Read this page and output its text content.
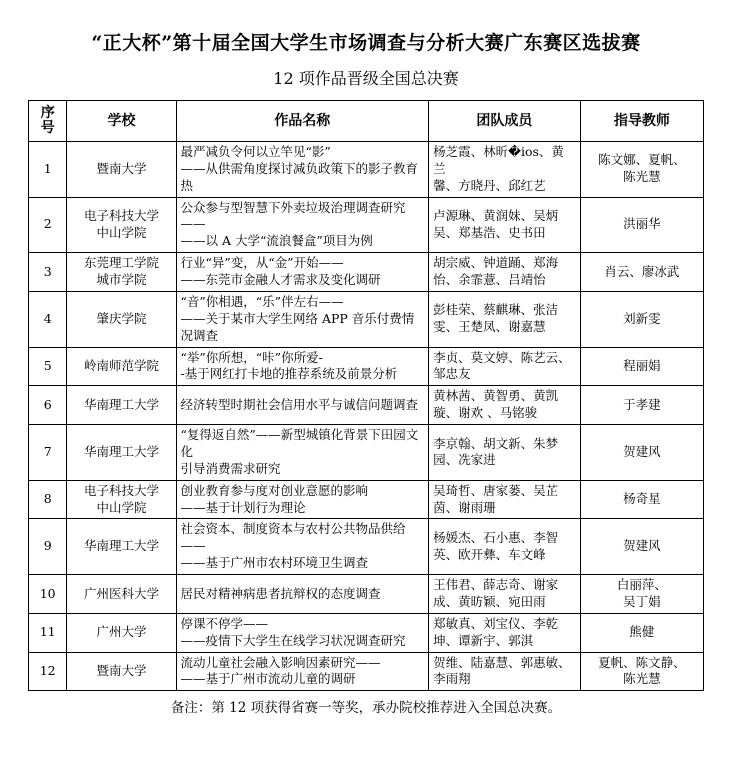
“正大杯”第十届全国大学生市场调查与分析大赛广东赛区选拔赛
12 项作品晋级全国总决赛
序
号	学校	作品名称	团队成员	指导教师
1	暨南大学	最严减负令何以立竿见“影”
——从供需角度探讨减负政策下的影子教育热	杨芝霞、林昕�ios、黄兰
馨、方晓丹、邱红艺	陈文娜、夏帆、
陈光慧

2	电子科技大学
中山学院	公众参与型智慧下外卖垃圾治理调查研究——
——以 A 大学“流浪餐盒”项目为例	卢源琳、黄润妹、吴炳
吴、郑基浩、史书田	洪丽华

3	东莞理工学院
城市学院	行业“异”变，从“金”开始——
——东莞市金融人才需求及变化调研	胡宗威、钟道踊、郑海
怡、余霏薏、吕靖怡	肖云、廖冰武

4	肇庆学院	“音”你相遇，“乐”伴左右——
——关于某市大学生网络 APP 音乐付费情况调查	彭桂荣、蔡麒琳、张洁
雯、王楚凤、谢嘉慧	刘新雯

5	岭南师范学院	“举”你所想，“咔”你所爱-
-基于网红打卡地的推荐系统及前景分析	李贞、莫文婷、陈艺云、
邹忠友	程丽娟

6	华南理工大学	经济转型时期社会信用水平与诚信问题调查	黄林茜、黄智勇、黄凯
璇、谢欢 、马铭骏	于孝建

7	华南理工大学	“复得返自然”——新型城镇化背景下田园文化
引导消费需求研究	李京翰、胡文新、朱梦
园、冼家进	贺建风

8	电子科技大学
中山学院	创业教育参与度对创业意愿的影响
——基于计划行为理论	吴琦哲、唐家蒌、吴芷
茵、谢雨珊	杨奇星

9	华南理工大学	社会资本、制度资本与农村公共物品供给——
——基于广州市农村环境卫生调查	杨媛杰、石小惠、李智
英、欧开彝、车文峰	贺建风

10	广州医科大学	居民对精神病患者抗辩权的态度调查	王伟君、薛志奇、谢家
成、黄昉颖、宛田雨	白丽萍、
吴丁娟

11	广州大学	停课不停学——
——疫情下大学生在线学习状况调查研究	郑敏真、刘宝仪、李乾
坤、谭新宇、郭淇	熊健

12	暨南大学	流动儿童社会融入影响因素研究——
——基于广州市流动儿童的调研	贺维、陆嘉慧、郭惠敏、
李雨翔	夏帆、陈文静、
陈光慧
备注：第 12 项获得省赛一等奖，承办院校推荐进入全国总决赛。
